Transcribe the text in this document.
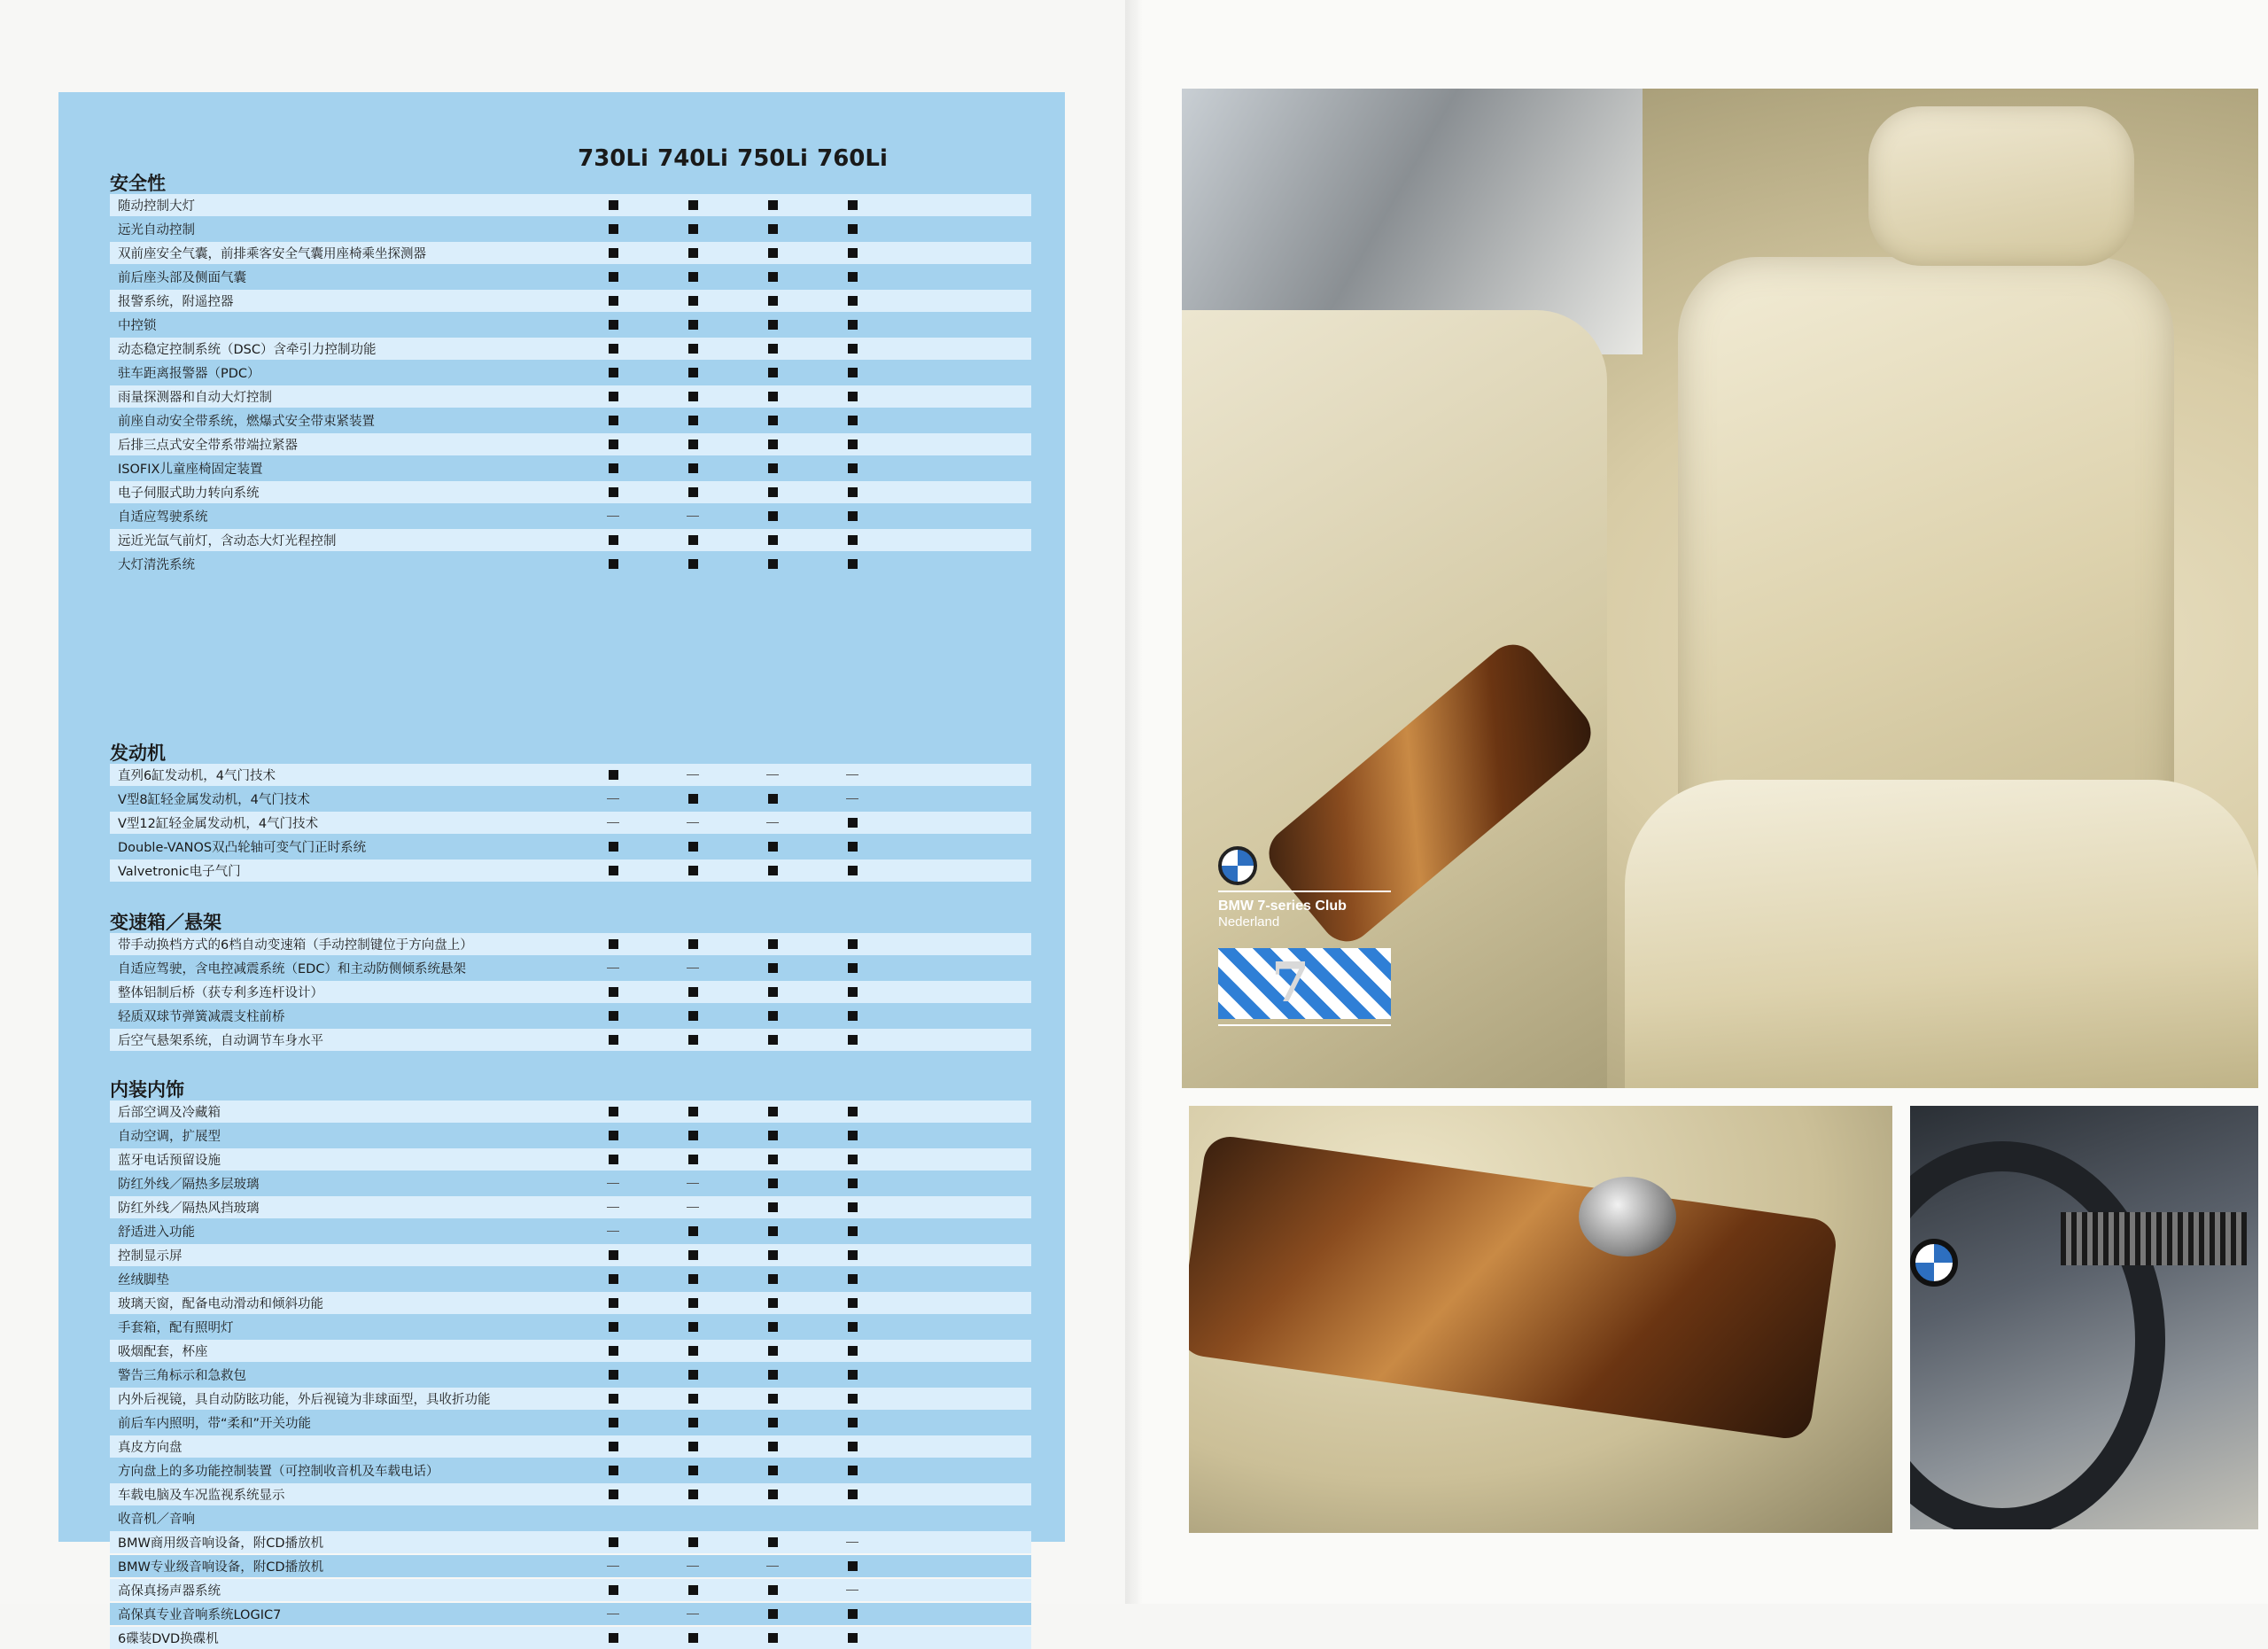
730Li 740Li 750Li 760Li
安全性
随动控制大灯
远光自动控制
双前座安全气囊，前排乘客安全气囊用座椅乘坐探测器
前后座头部及侧面气囊
报警系统，附遥控器
中控锁
动态稳定控制系统（DSC）含牵引力控制功能
驻车距离报警器（PDC）
雨量探测器和自动大灯控制
前座自动安全带系统，燃爆式安全带束紧装置
后排三点式安全带系带端拉紧器
ISOFIX儿童座椅固定装置
电子伺服式助力转向系统
自适应驾驶系统
远近光氙气前灯，含动态大灯光程控制
大灯清洗系统
发动机
直列6缸发动机，4气门技术
V型8缸轻金属发动机，4气门技术
V型12缸轻金属发动机，4气门技术
Double-VANOS双凸轮轴可变气门正时系统
Valvetronic电子气门
变速箱／悬架
带手动换档方式的6档自动变速箱（手动控制键位于方向盘上）
自适应驾驶，含电控减震系统（EDC）和主动防侧倾系统悬架
整体铝制后桥（获专利多连杆设计）
轻质双球节弹簧减震支柱前桥
后空气悬架系统，自动调节车身水平
内装内饰
后部空调及冷藏箱
自动空调，扩展型
蓝牙电话预留设施
防红外线／隔热多层玻璃
防红外线／隔热风挡玻璃
舒适进入功能
控制显示屏
丝绒脚垫
玻璃天窗，配备电动滑动和倾斜功能
手套箱，配有照明灯
吸烟配套，杯座
警告三角标示和急救包
内外后视镜，具自动防眩功能，外后视镜为非球面型，具收折功能
前后车内照明，带“柔和”开关功能
真皮方向盘
方向盘上的多功能控制装置（可控制收音机及车载电话）
车载电脑及车况监视系统显示
收音机／音响
BMW商用级音响设备，附CD播放机
BMW专业级音响设备，附CD播放机
高保真扬声器系统
高保真专业音响系统LOGIC7
6碟装DVD换碟机
BMW 7-series Club
Nederland
7
